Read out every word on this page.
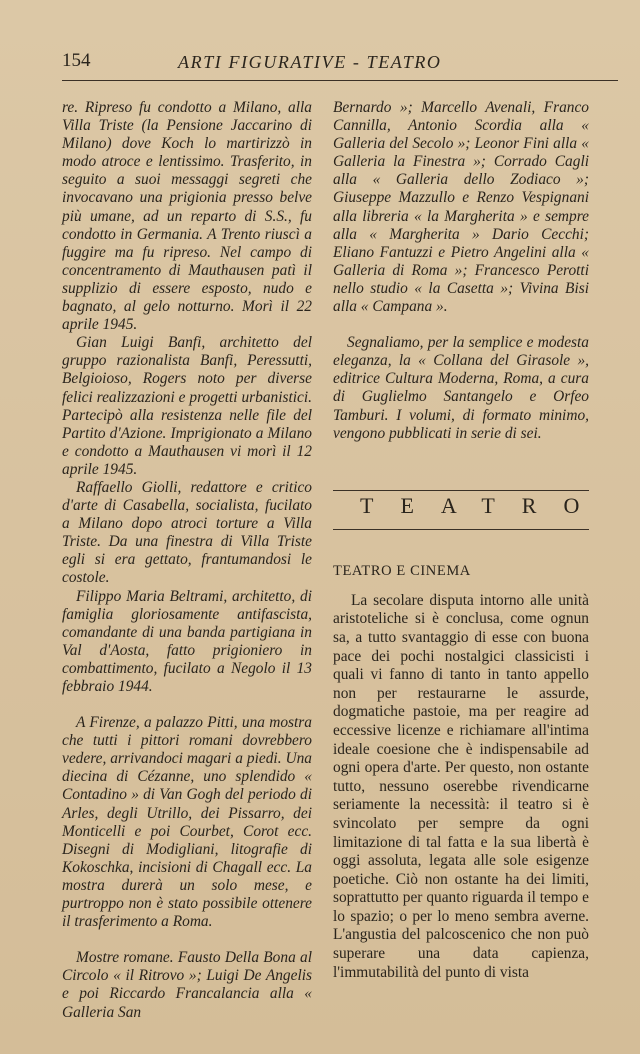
154	ARTI FIGURATIVE - TEATRO

re. Ripreso fu condotto a Milano, alla Villa Triste (la Pensione Jaccarino di Milano) dove Koch lo martirizzò in modo atroce e lentissimo. Trasferito, in seguito a suoi messaggi segreti che invocavano una prigionia presso belve più umane, ad un reparto di S.S., fu condotto in Germania. A Trento riuscì a fuggire ma fu ripreso. Nel campo di concentramento di Mauthausen patì il supplizio di essere esposto, nudo e bagnato, al gelo notturno. Morì il 22 aprile 1945.

Gian Luigi Banfi, architetto del gruppo razionalista Banfi, Peressutti, Belgioioso, Rogers noto per diverse felici realizzazioni e progetti urbanistici. Partecipò alla resistenza nelle file del Partito d'Azione. Imprigionato a Milano e condotto a Mauthausen vi morì il 12 aprile 1945.

Raffaello Giolli, redattore e critico d'arte di Casabella, socialista, fucilato a Milano dopo atroci torture a Villa Triste. Da una finestra di Villa Triste egli si era gettato, frantumandosi le costole.

Filippo Maria Beltrami, architetto, di famiglia gloriosamente antifascista, comandante di una banda partigiana in Val d'Aosta, fatto prigioniero in combattimento, fucilato a Negolo il 13 febbraio 1944.

A Firenze, a palazzo Pitti, una mostra che tutti i pittori romani dovrebbero vedere, arrivandoci magari a piedi. Una diecina di Cézanne, uno splendido « Contadino » di Van Gogh del periodo di Arles, degli Utrillo, dei Pissarro, dei Monticelli e poi Courbet, Corot ecc. Disegni di Modigliani, litografie di Kokoschka, incisioni di Chagall ecc. La mostra durerà un solo mese, e purtroppo non è stato possibile ottenere il trasferimento a Roma.

Mostre romane. Fausto Della Bona al Circolo « il Ritrovo »; Luigi De Angelis e poi Riccardo Francalancia alla « Galleria San

Bernardo »; Marcello Avenali, Franco Cannilla, Antonio Scordia alla « Galleria del Secolo »; Leonor Fini alla « Galleria la Finestra »; Corrado Cagli alla « Galleria dello Zodiaco »; Giuseppe Mazzullo e Renzo Vespignani alla libreria « la Margherita » e sempre alla « Margherita » Dario Cecchi; Eliano Fantuzzi e Pietro Angelini alla « Galleria di Roma »; Francesco Perotti nello studio « la Casetta »; Vivina Bisi alla « Campana ».

Segnaliamo, per la semplice e modesta eleganza, la « Collana del Girasole », editrice Cultura Moderna, Roma, a cura di Guglielmo Santangelo e Orfeo Tamburi. I volumi, di formato minimo, vengono pubblicati in serie di sei.

TEATRO

TEATRO E CINEMA

La secolare disputa intorno alle unità aristoteliche si è conclusa, come ognun sa, a tutto svantaggio di esse con buona pace dei pochi nostalgici classicisti i quali vi fanno di tanto in tanto appello non per restaurarne le assurde, dogmatiche pastoie, ma per reagire ad eccessive licenze e richiamare all'intima ideale coesione che è indispensabile ad ogni opera d'arte. Per questo, non ostante tutto, nessuno oserebbe rivendicarne seriamente la necessità: il teatro si è svincolato per sempre da ogni limitazione di tal fatta e la sua libertà è oggi assoluta, legata alle sole esigenze poetiche. Ciò non ostante ha dei limiti, soprattutto per quanto riguarda il tempo e lo spazio; o per lo meno sembra averne. L'angustia del palcoscenico che non può superare una data capienza, l'immutabilità del punto di vista
